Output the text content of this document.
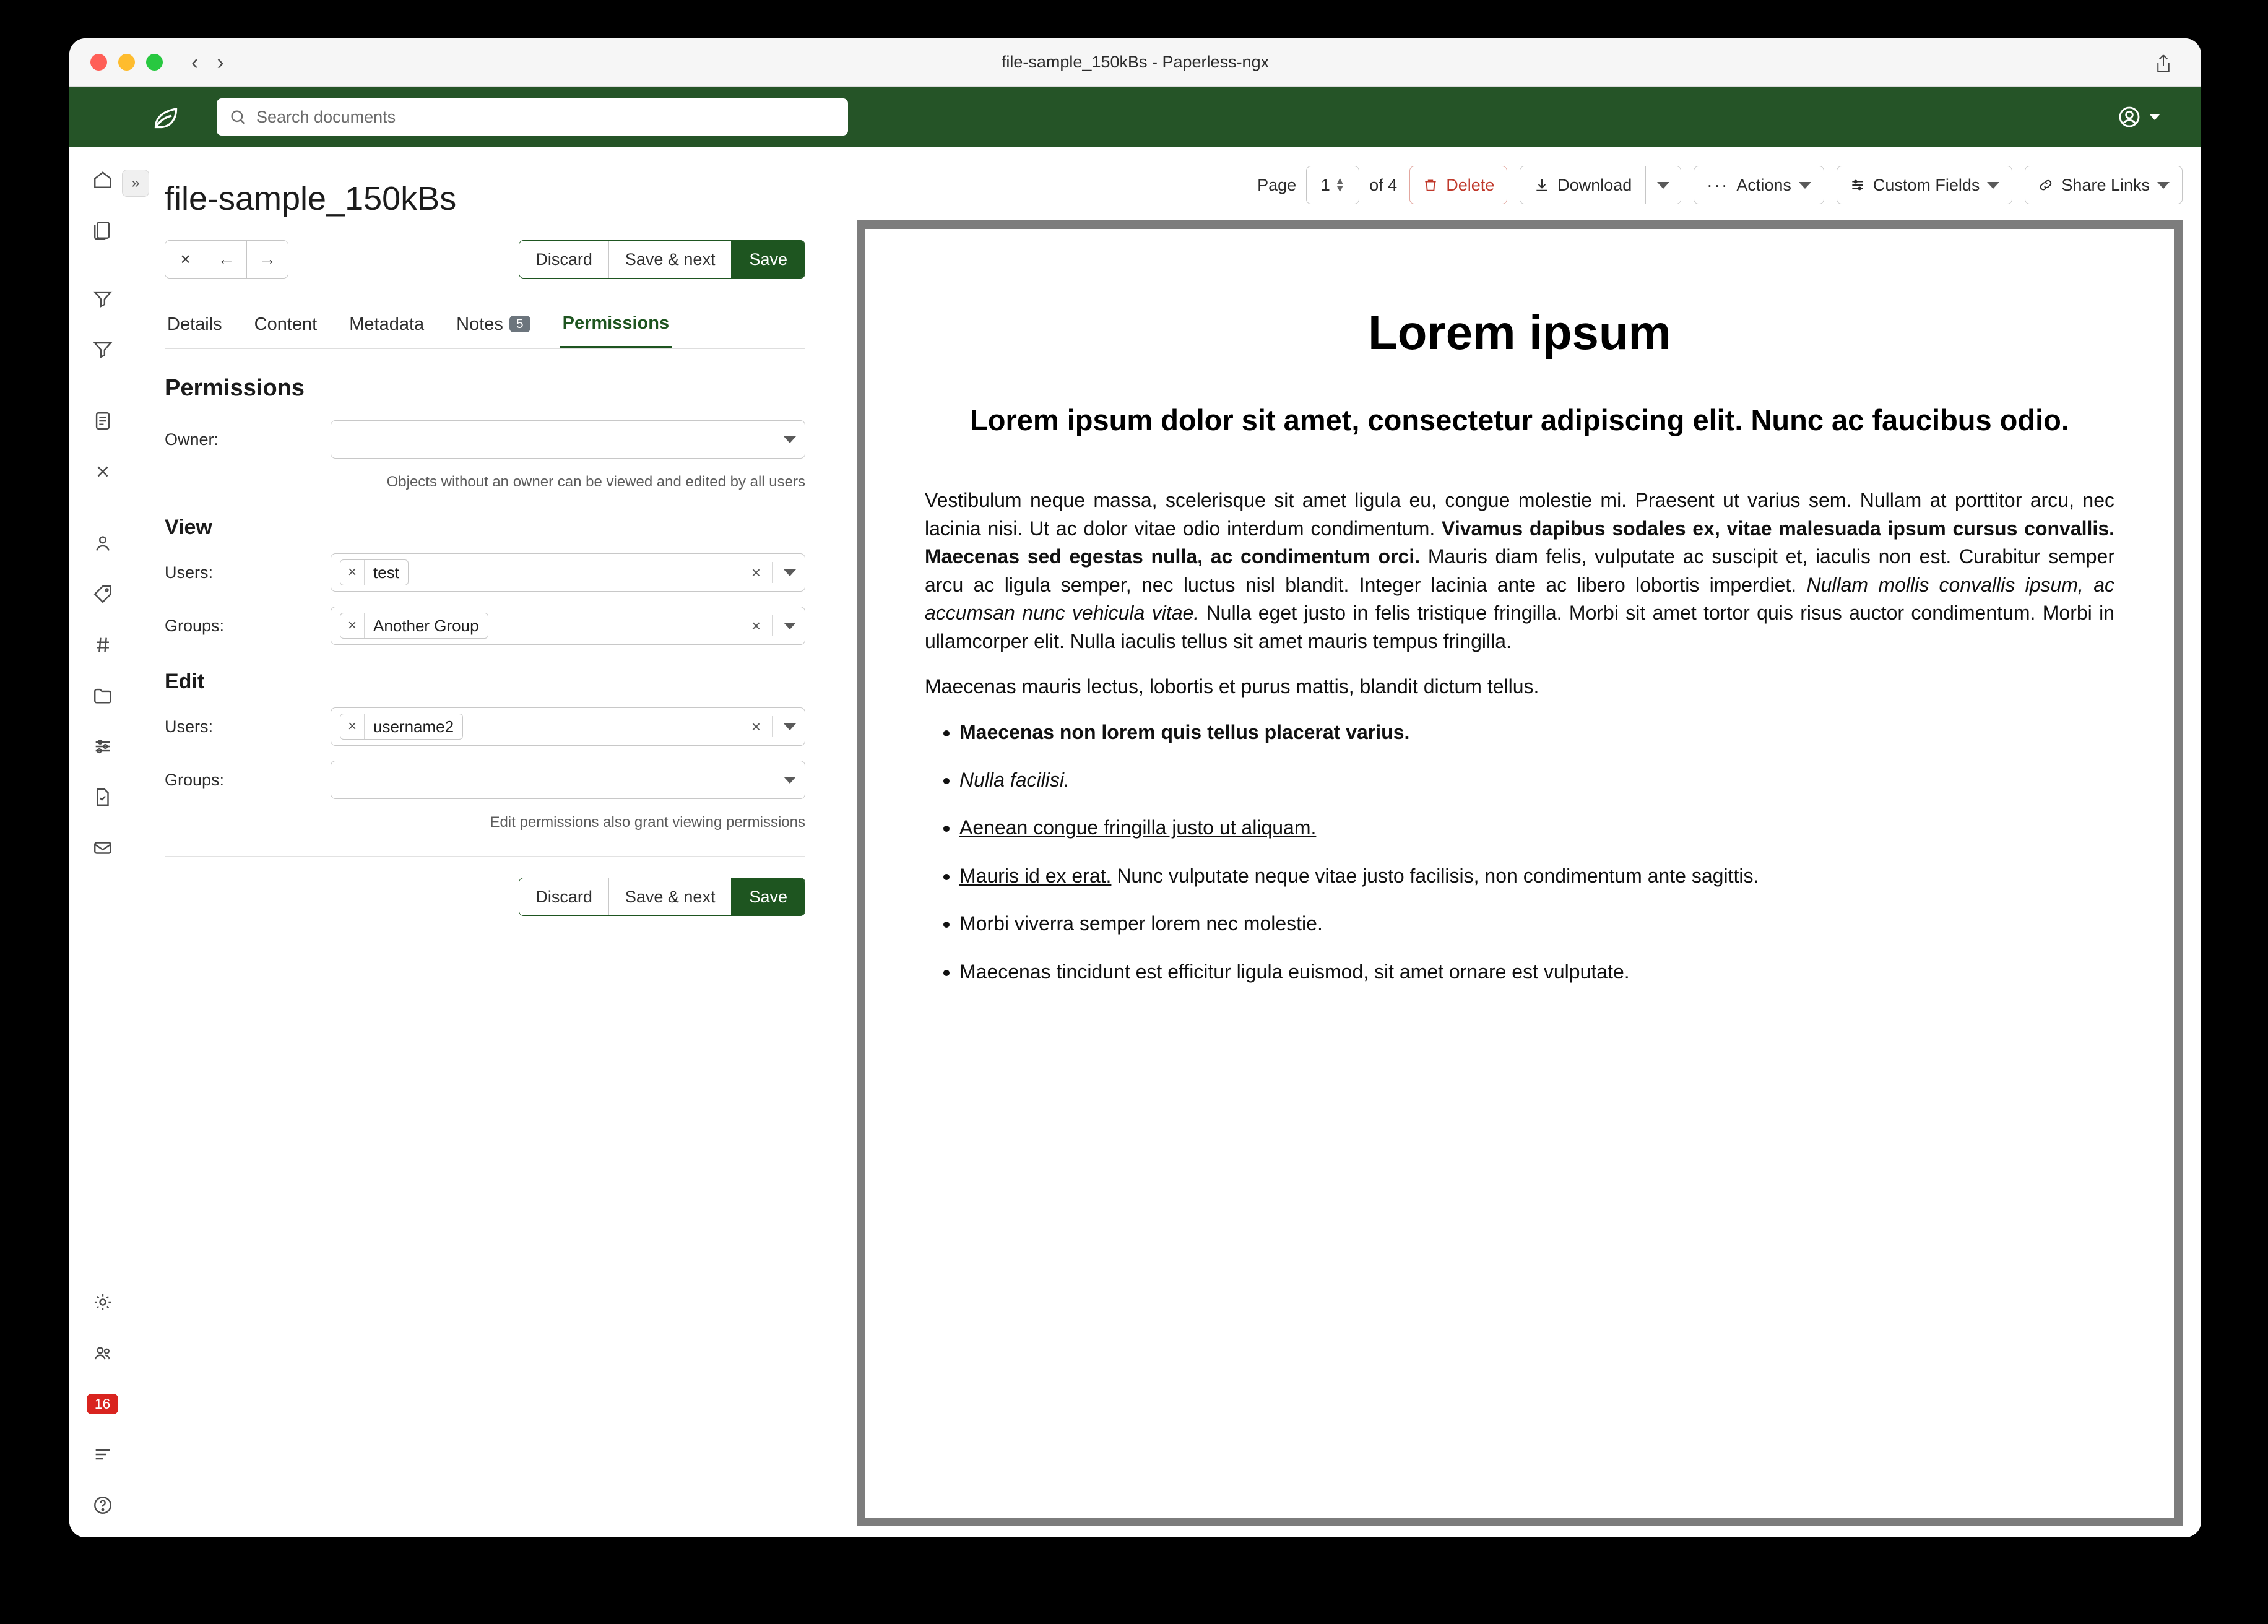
‹ ›	file-sample_150kBs - Paperless-ngx
Search documents
»
16
file-sample_150kBs
×	←	→	Discard	Save & next	Save
Details Content Metadata Notes 5	Permissions
Permissions
Owner:
Objects without an owner can be viewed and edited by all users
View
Users:	×	test	×
Groups:	×	Another Group	×
Edit
Users:	×	username2	×
Groups:
Edit permissions also grant viewing permissions
Discard	Save & next	Save
Page 1 ▲
▼ of 4	Delete	Download	··· Actions	Custom Fields	Share Links
Lorem ipsum
Lorem ipsum dolor sit amet, consectetur adipiscing elit. Nunc ac faucibus odio.

Vestibulum neque massa, scelerisque sit amet ligula eu, congue molestie mi. Praesent ut varius sem. Nullam at porttitor arcu, nec lacinia nisi. Ut ac dolor vitae odio interdum condimentum. Vivamus dapibus sodales ex, vitae malesuada ipsum cursus convallis. Maecenas sed egestas nulla, ac condimentum orci. Mauris diam felis, vulputate ac suscipit et, iaculis non est. Curabitur semper arcu ac ligula semper, nec luctus nisl blandit. Integer lacinia ante ac libero lobortis imperdiet. Nullam mollis convallis ipsum, ac accumsan nunc vehicula vitae. Nulla eget justo in felis tristique fringilla. Morbi sit amet tortor quis risus auctor condimentum. Morbi in ullamcorper elit. Nulla iaculis tellus sit amet mauris tempus fringilla.

Maecenas mauris lectus, lobortis et purus mattis, blandit dictum tellus.

• Maecenas non lorem quis tellus placerat varius.
• Nulla facilisi.
• Aenean congue fringilla justo ut aliquam.
• Mauris id ex erat. Nunc vulputate neque vitae justo facilisis, non condimentum ante sagittis.
• Morbi viverra semper lorem nec molestie.
• Maecenas tincidunt est efficitur ligula euismod, sit amet ornare est vulputate.
